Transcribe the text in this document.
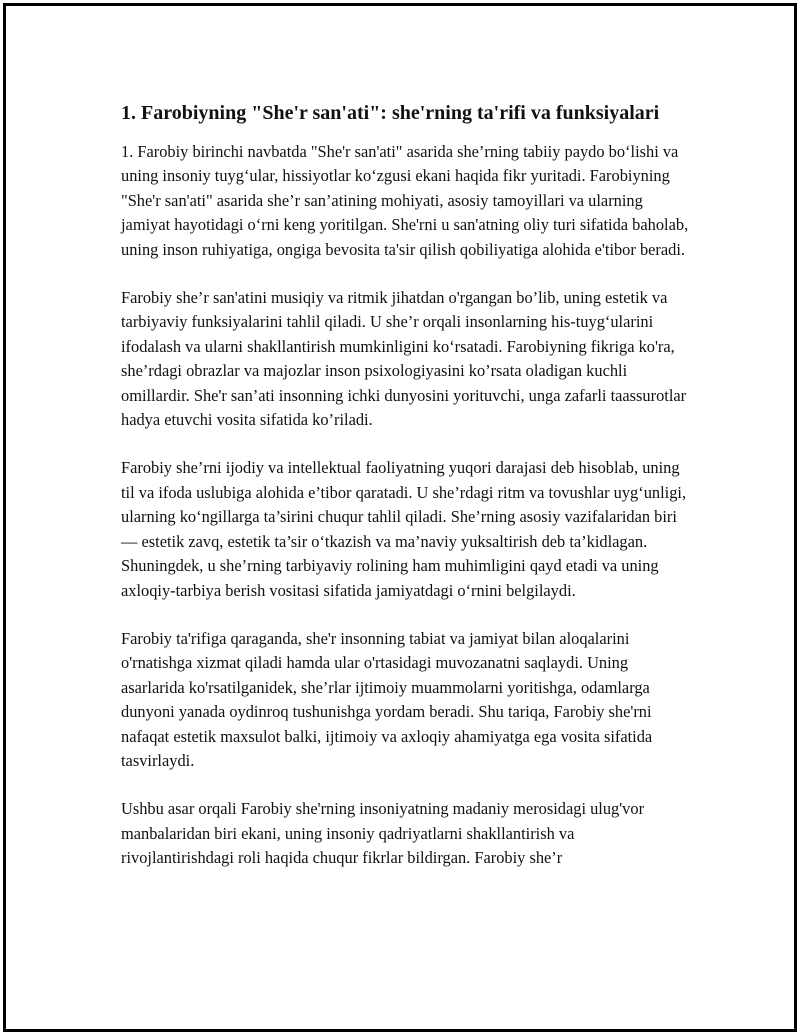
1. Farobiyning "She'r san'ati": she'rning ta'rifi va funksiyalari

1. Farobiy birinchi navbatda "She'r san'ati" asarida she’rning tabiiy paydo bo‘lishi va uning insoniy tuyg‘ular, hissiyotlar ko‘zgusi ekani haqida fikr yuritadi. Farobiyning "She'r san'ati" asarida she’r san’atining mohiyati, asosiy tamoyillari va ularning jamiyat hayotidagi o‘rni keng yoritilgan. She'rni u san'atning oliy turi sifatida baholab, uning inson ruhiyatiga, ongiga bevosita ta'sir qilish qobiliyatiga alohida e'tibor beradi.

Farobiy she’r san'atini musiqiy va ritmik jihatdan o'rgangan bo’lib, uning estetik va tarbiyaviy funksiyalarini tahlil qiladi. U she’r orqali insonlarning his-tuyg‘ularini ifodalash va ularni shakllantirish mumkinligini ko‘rsatadi. Farobiyning fikriga ko'ra, she’rdagi obrazlar va majozlar inson psixologiyasini ko’rsata oladigan kuchli omillardir. She'r san’ati insonning ichki dunyosini yorituvchi, unga zafarli taassurotlar hadya etuvchi vosita sifatida ko’riladi.

Farobiy she’rni ijodiy va intellektual faoliyatning yuqori darajasi deb hisoblab, uning til va ifoda uslubiga alohida e’tibor qaratadi. U she’rdagi ritm va tovushlar uyg‘unligi, ularning ko‘ngillarga ta’sirini chuqur tahlil qiladi. She’rning asosiy vazifalaridan biri — estetik zavq, estetik ta’sir o‘tkazish va ma’naviy yuksaltirish deb ta’kidlagan. Shuningdek, u she’rning tarbiyaviy rolining ham muhimligini qayd etadi va uning axloqiy-tarbiya berish vositasi sifatida jamiyatdagi o‘rnini belgilaydi.

Farobiy ta'rifiga qaraganda, she'r insonning tabiat va jamiyat bilan aloqalarini o'rnatishga xizmat qiladi hamda ular o'rtasidagi muvozanatni saqlaydi. Uning asarlarida ko'rsatilganidek, she’rlar ijtimoiy muammolarni yoritishga, odamlarga dunyoni yanada oydinroq tushunishga yordam beradi. Shu tariqa, Farobiy she'rni nafaqat estetik maxsulot balki, ijtimoiy va axloqiy ahamiyatga ega vosita sifatida tasvirlaydi.

Ushbu asar orqali Farobiy she'rning insoniyatning madaniy merosidagi ulug'vor manbalaridan biri ekani, uning insoniy qadriyatlarni shakllantirish va rivojlantirishdagi roli haqida chuqur fikrlar bildirgan. Farobiy she’r
